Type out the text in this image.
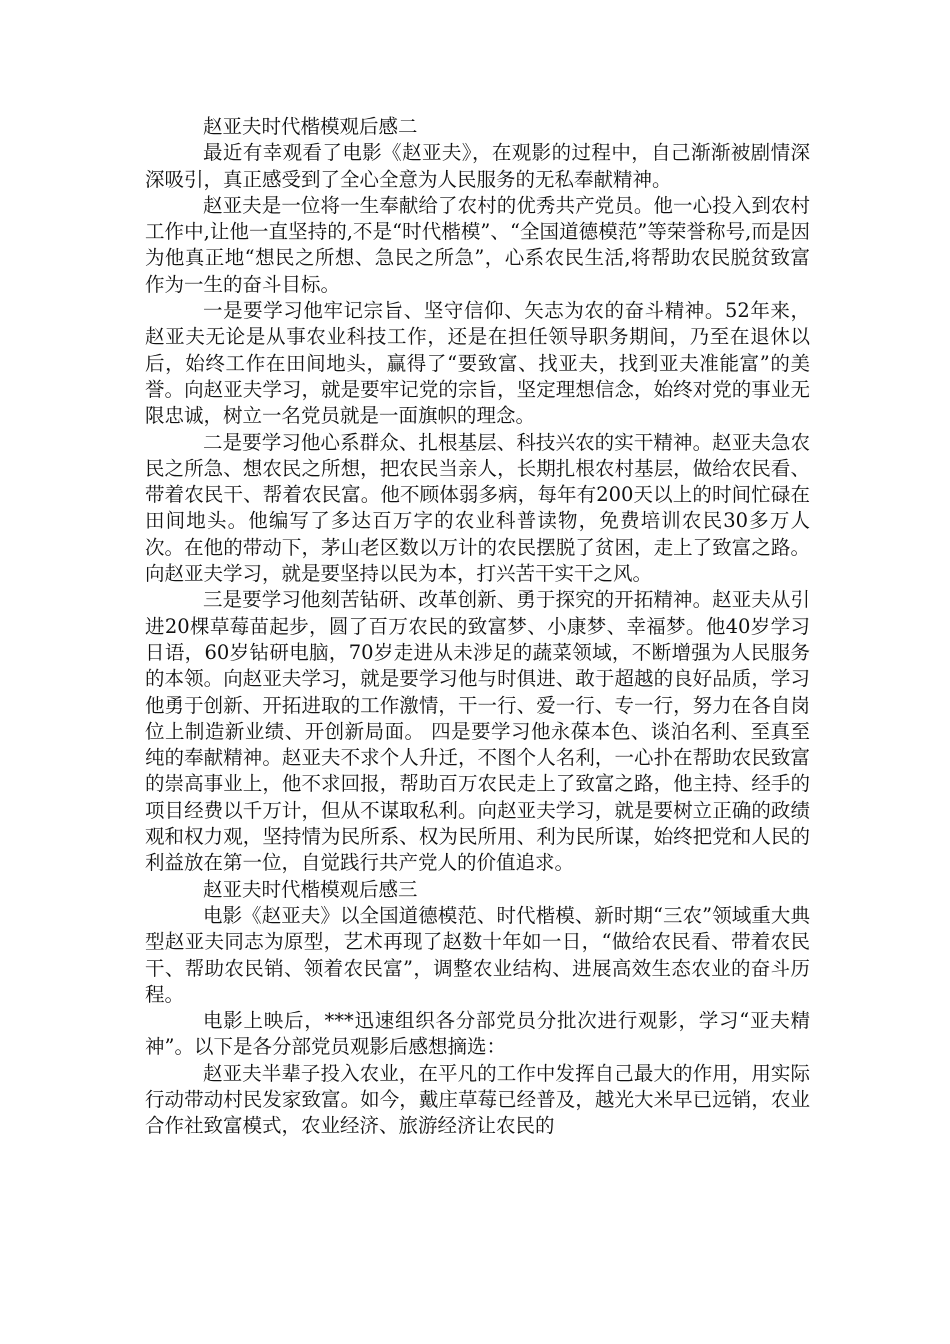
赵亚夫时代楷模观后感二

最近有幸观看了电影《赵亚夫》，在观影的过程中，自己渐渐被剧情深深吸引，真正感受到了全心全意为人民服务的无私奉献精神。

赵亚夫是一位将一生奉献给了农村的优秀共产党员。他一心投入到农村工作中,让他一直坚持的,不是“时代楷模”、“全国道德模范”等荣誉称号,而是因为他真正地“想民之所想、急民之所急”，心系农民生活,将帮助农民脱贫致富作为一生的奋斗目标。

一是要学习他牢记宗旨、坚守信仰、矢志为农的奋斗精神。52年来，赵亚夫无论是从事农业科技工作，还是在担任领导职务期间，乃至在退休以后，始终工作在田间地头，赢得了“要致富、找亚夫，找到亚夫准能富”的美誉。向赵亚夫学习，就是要牢记党的宗旨，坚定理想信念，始终对党的事业无限忠诚，树立一名党员就是一面旗帜的理念。

二是要学习他心系群众、扎根基层、科技兴农的实干精神。赵亚夫急农民之所急、想农民之所想，把农民当亲人，长期扎根农村基层，做给农民看、带着农民干、帮着农民富。他不顾体弱多病，每年有200天以上的时间忙碌在田间地头。他编写了多达百万字的农业科普读物，免费培训农民30多万人次。在他的带动下，茅山老区数以万计的农民摆脱了贫困，走上了致富之路。向赵亚夫学习，就是要坚持以民为本，打兴苦干实干之风。

三是要学习他刻苦钻研、改革创新、勇于探究的开拓精神。赵亚夫从引进20棵草莓苗起步，圆了百万农民的致富梦、小康梦、幸福梦。他40岁学习日语，60岁钻研电脑，70岁走进从未涉足的蔬菜领域，不断增强为人民服务的本领。向赵亚夫学习，就是要学习他与时俱进、敢于超越的良好品质，学习他勇于创新、开拓进取的工作激情，干一行、爱一行、专一行，努力在各自岗位上制造新业绩、开创新局面。 四是要学习他永葆本色、谈泊名利、至真至纯的奉献精神。赵亚夫不求个人升迁，不图个人名利，一心扑在帮助农民致富的崇高事业上，他不求回报，帮助百万农民走上了致富之路，他主持、经手的项目经费以千万计，但从不谋取私利。向赵亚夫学习，就是要树立正确的政绩观和权力观，坚持情为民所系、权为民所用、利为民所谋，始终把党和人民的利益放在第一位，自觉践行共产党人的价值追求。

赵亚夫时代楷模观后感三

电影《赵亚夫》以全国道德模范、时代楷模、新时期“三农”领域重大典型赵亚夫同志为原型，艺术再现了赵数十年如一日，“做给农民看、带着农民干、帮助农民销、领着农民富”，调整农业结构、进展高效生态农业的奋斗历程。

电影上映后，***迅速组织各分部党员分批次进行观影，学习“亚夫精神”。以下是各分部党员观影后感想摘选：

赵亚夫半辈子投入农业，在平凡的工作中发挥自己最大的作用，用实际行动带动村民发家致富。如今，戴庄草莓已经普及，越光大米早已远销，农业合作社致富模式，农业经济、旅游经济让农民的
